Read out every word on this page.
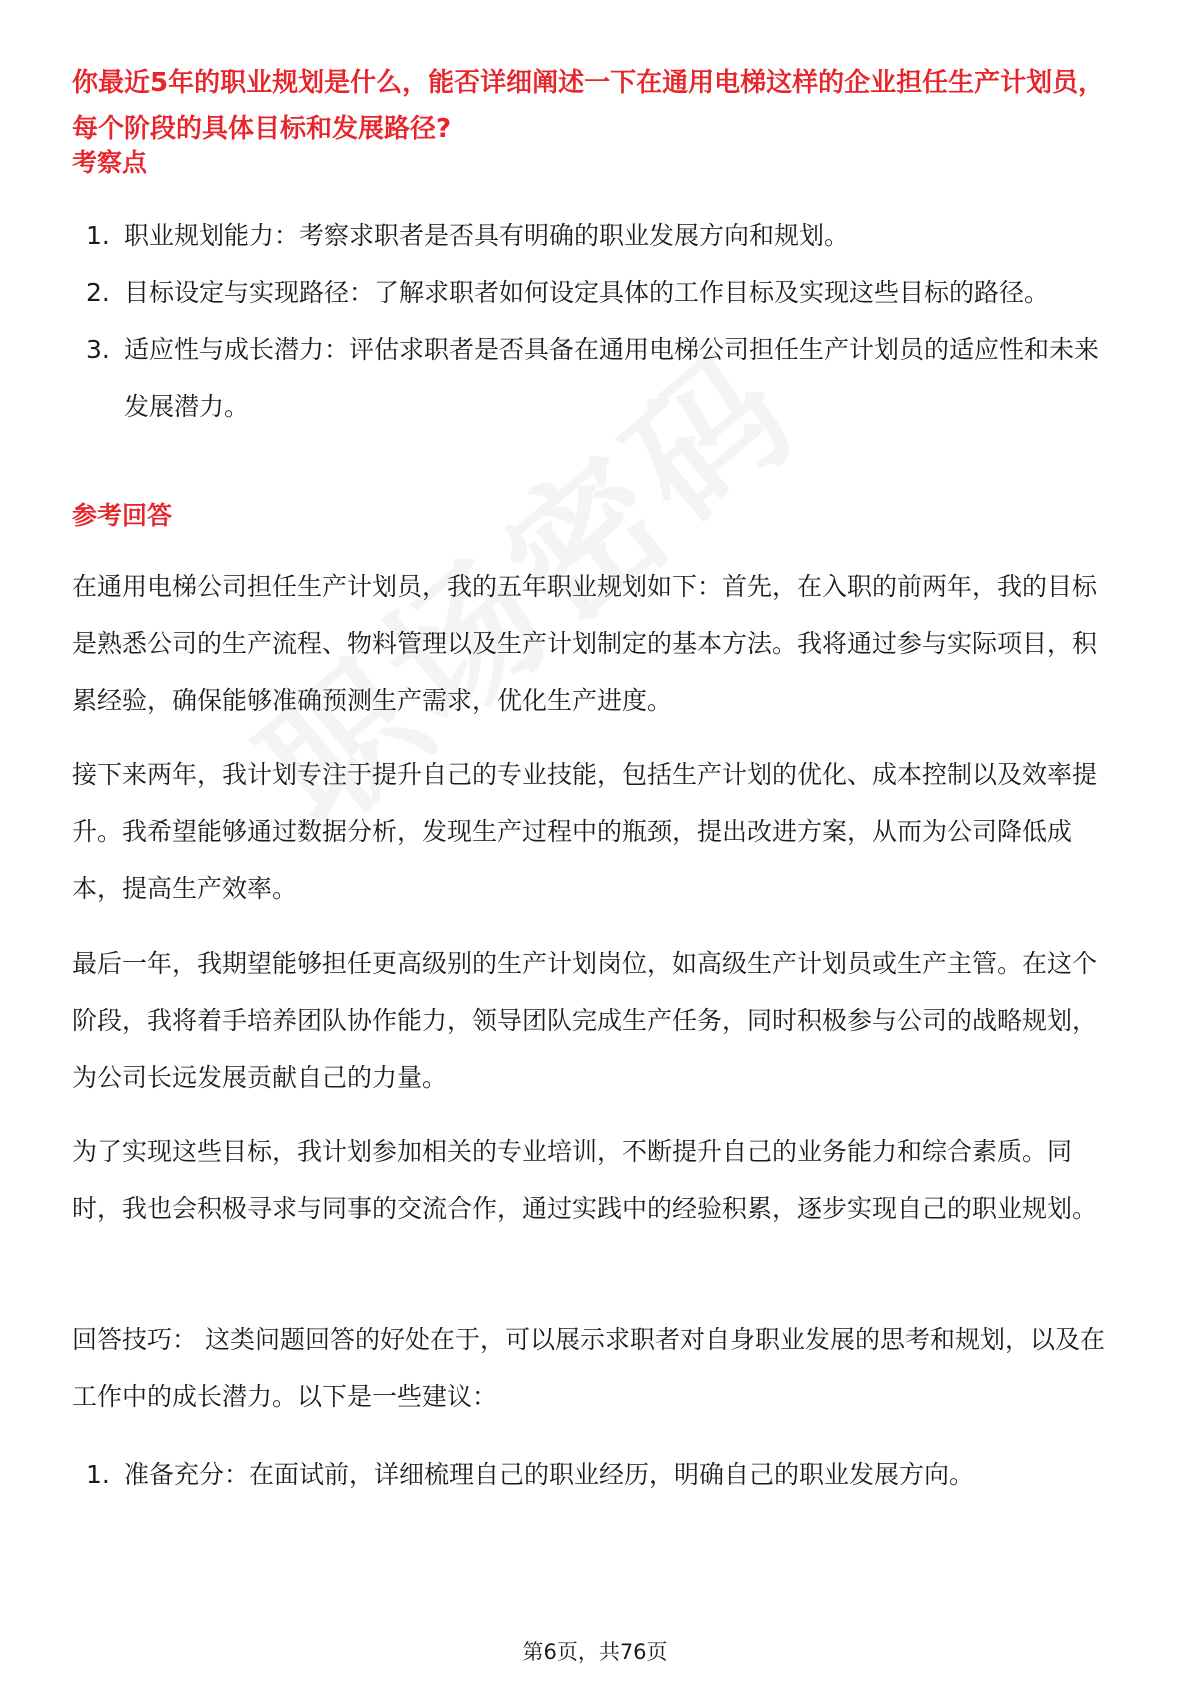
你最近5年的职业规划是什么，能否详细阐述一下在通用电梯这样的企业担任生产计划员，每个阶段的具体目标和发展路径?

考察点
1. 职业规划能力：考察求职者是否具有明确的职业发展方向和规划。
2. 目标设定与实现路径：了解求职者如何设定具体的工作目标及实现这些目标的路径。
3. 适应性与成长潜力：评估求职者是否具备在通用电梯公司担任生产计划员的适应性和未来发展潜力。
参考回答

在通用电梯公司担任生产计划员，我的五年职业规划如下：首先，在入职的前两年，我的目标是熟悉公司的生产流程、物料管理以及生产计划制定的基本方法。我将通过参与实际项目，积累经验，确保能够准确预测生产需求，优化生产进度。

接下来两年，我计划专注于提升自己的专业技能，包括生产计划的优化、成本控制以及效率提升。我希望能够通过数据分析，发现生产过程中的瓶颈，提出改进方案，从而为公司降低成本，提高生产效率。

最后一年，我期望能够担任更高级别的生产计划岗位，如高级生产计划员或生产主管。在这个阶段，我将着手培养团队协作能力，领导团队完成生产任务，同时积极参与公司的战略规划，为公司长远发展贡献自己的力量。

为了实现这些目标，我计划参加相关的专业培训，不断提升自己的业务能力和综合素质。同时，我也会积极寻求与同事的交流合作，通过实践中的经验积累，逐步实现自己的职业规划。

回答技巧： 这类问题回答的好处在于，可以展示求职者对自身职业发展的思考和规划，以及在工作中的成长潜力。以下是一些建议：

1. 准备充分：在面试前，详细梳理自己的职业经历，明确自己的职业发展方向。
第6页，共76页
